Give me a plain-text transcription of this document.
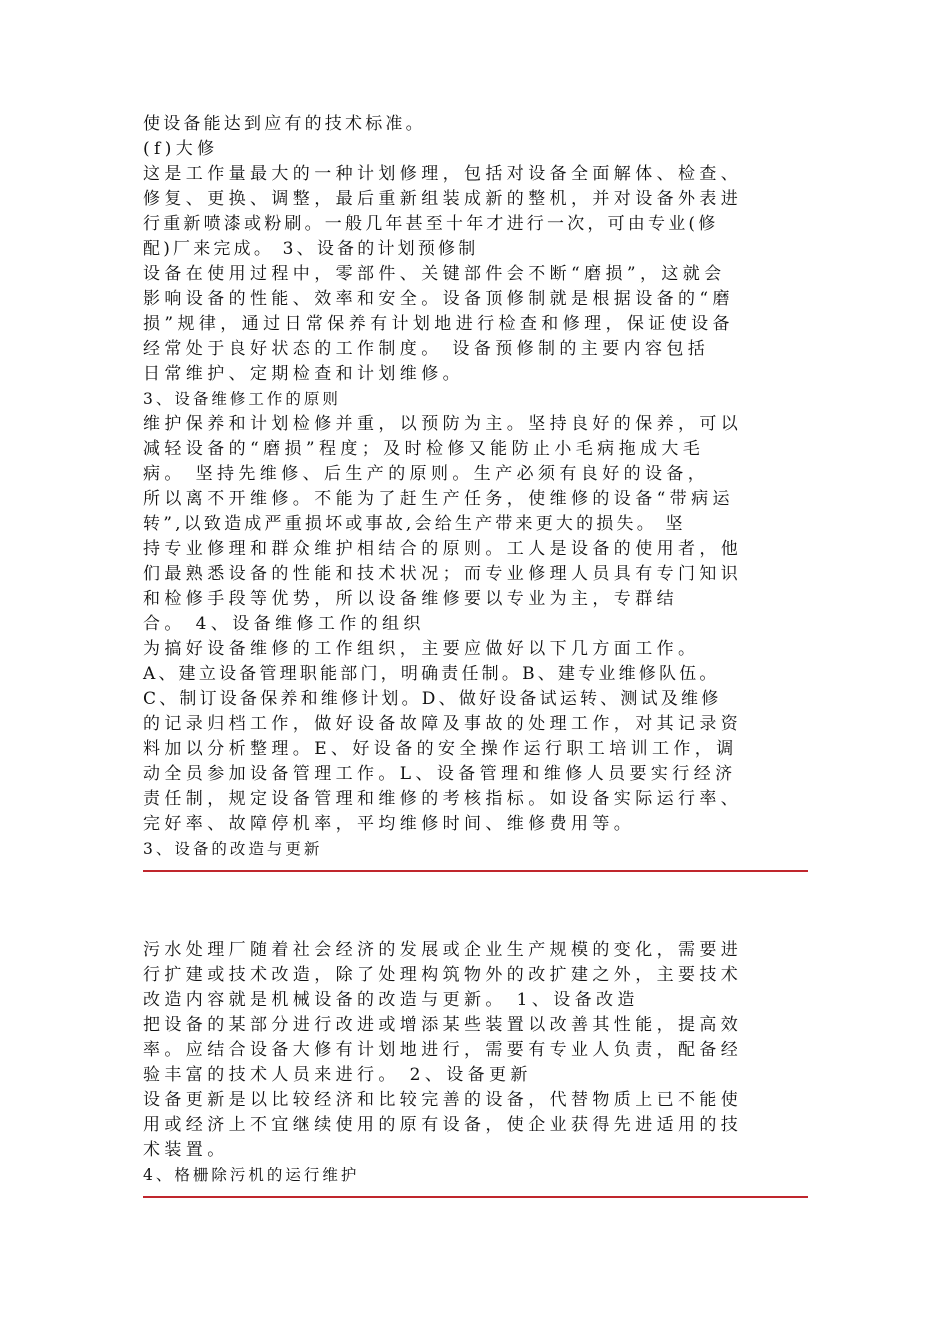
使设备能达到应有的技术标准。
(f)大修
这是工作量最大的一种计划修理，包括对设备全面解体、检查、
修复、更换、调整，最后重新组装成新的整机，并对设备外表进
行重新喷漆或粉刷。一般几年甚至十年才进行一次，可由专业(修
配)厂来完成。 3、设备的计划预修制
设备在使用过程中，零部件、关键部件会不断“磨损”，这就会
影响设备的性能、效率和安全。设备顶修制就是根据设备的“磨
损”规律，通过日常保养有计划地进行检查和修理，保证使设备
经常处于良好状态的工作制度。 设备预修制的主要内容包括
日常维护、定期检查和计划维修。
3、设备维修工作的原则
维护保养和计划检修并重，以预防为主。坚持良好的保养，可以
减轻设备的“磨损”程度；及时检修又能防止小毛病拖成大毛
病。 坚持先维修、后生产的原则。生产必须有良好的设备，
所以离不开维修。不能为了赶生产任务，使维修的设备“带病运
转”,以致造成严重损坏或事故,会给生产带来更大的损失。 坚
持专业修理和群众维护相结合的原则。工人是设备的使用者，他
们最熟悉设备的性能和技术状况；而专业修理人员具有专门知识
和检修手段等优势，所以设备维修要以专业为主，专群结
合。 4、设备维修工作的组织
为搞好设备维修的工作组织，主要应做好以下几方面工作。
A、建立设备管理职能部门，明确责任制。B、建专业维修队伍。
C、制订设备保养和维修计划。D、做好设备试运转、测试及维修
的记录归档工作，做好设备故障及事故的处理工作，对其记录资
料加以分析整理。E、好设备的安全操作运行职工培训工作，调
动全员参加设备管理工作。L、设备管理和维修人员要实行经济
责任制，规定设备管理和维修的考核指标。如设备实际运行率、
完好率、故障停机率，平均维修时间、维修费用等。
3、设备的改造与更新
污水处理厂随着社会经济的发展或企业生产规模的变化，需要进
行扩建或技术改造，除了处理构筑物外的改扩建之外，主要技术
改造内容就是机械设备的改造与更新。 1、设备改造
把设备的某部分进行改进或增添某些装置以改善其性能，提高效
率。应结合设备大修有计划地进行，需要有专业人负责，配备经
验丰富的技术人员来进行。 2、设备更新
设备更新是以比较经济和比较完善的设备，代替物质上已不能使
用或经济上不宜继续使用的原有设备，使企业获得先进适用的技
术装置。
4、格栅除污机的运行维护
